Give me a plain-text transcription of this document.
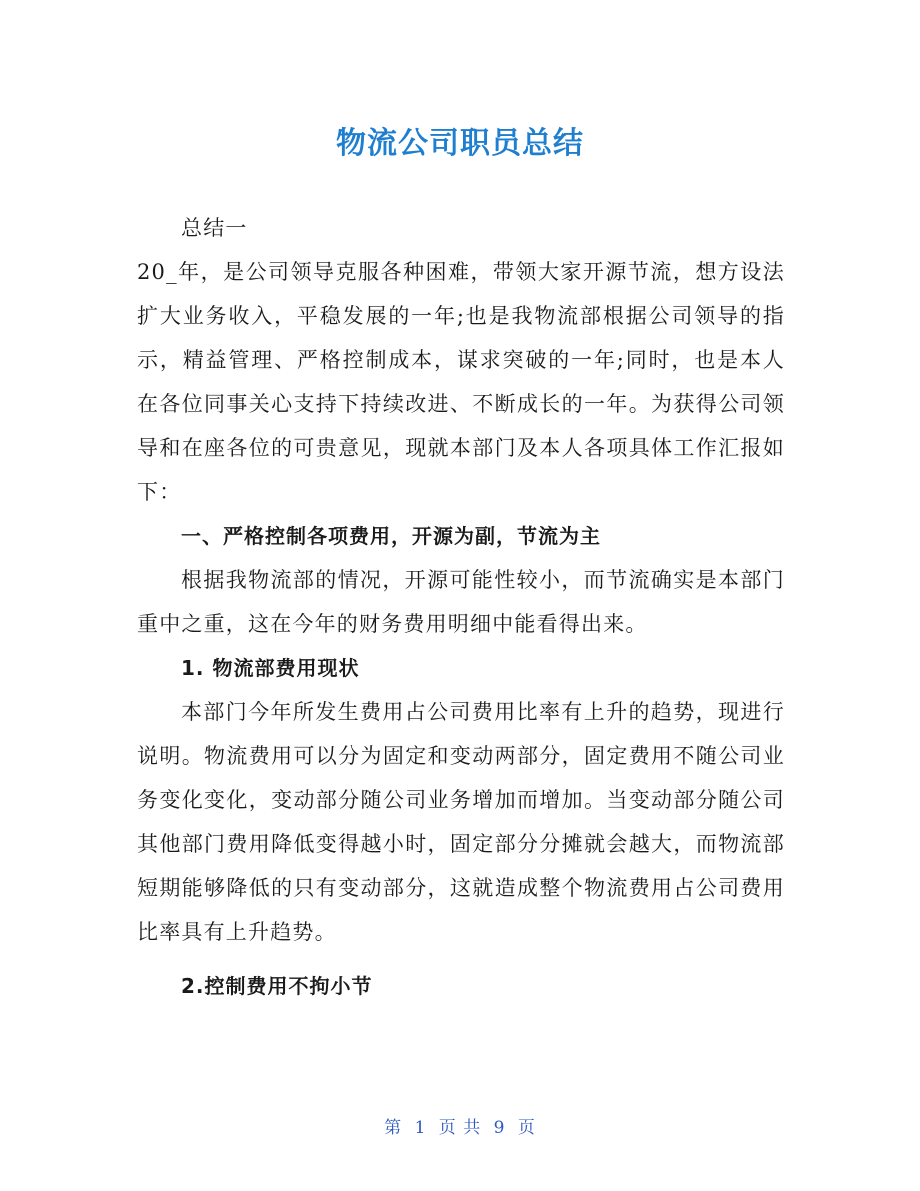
物流公司职员总结

总结一

20_年，是公司领导克服各种困难，带领大家开源节流，想方设法扩大业务收入，平稳发展的一年;也是我物流部根据公司领导的指示，精益管理、严格控制成本，谋求突破的一年;同时，也是本人在各位同事关心支持下持续改进、不断成长的一年。为获得公司领导和在座各位的可贵意见，现就本部门及本人各项具体工作汇报如下：

一、严格控制各项费用，开源为副，节流为主

根据我物流部的情况，开源可能性较小，而节流确实是本部门重中之重，这在今年的财务费用明细中能看得出来。

1. 物流部费用现状

本部门今年所发生费用占公司费用比率有上升的趋势，现进行说明。物流费用可以分为固定和变动两部分，固定费用不随公司业务变化变化，变动部分随公司业务增加而增加。当变动部分随公司其他部门费用降低变得越小时，固定部分分摊就会越大，而物流部短期能够降低的只有变动部分，这就造成整个物流费用占公司费用比率具有上升趋势。

2.控制费用不拘小节

第 1 页 共 9 页
